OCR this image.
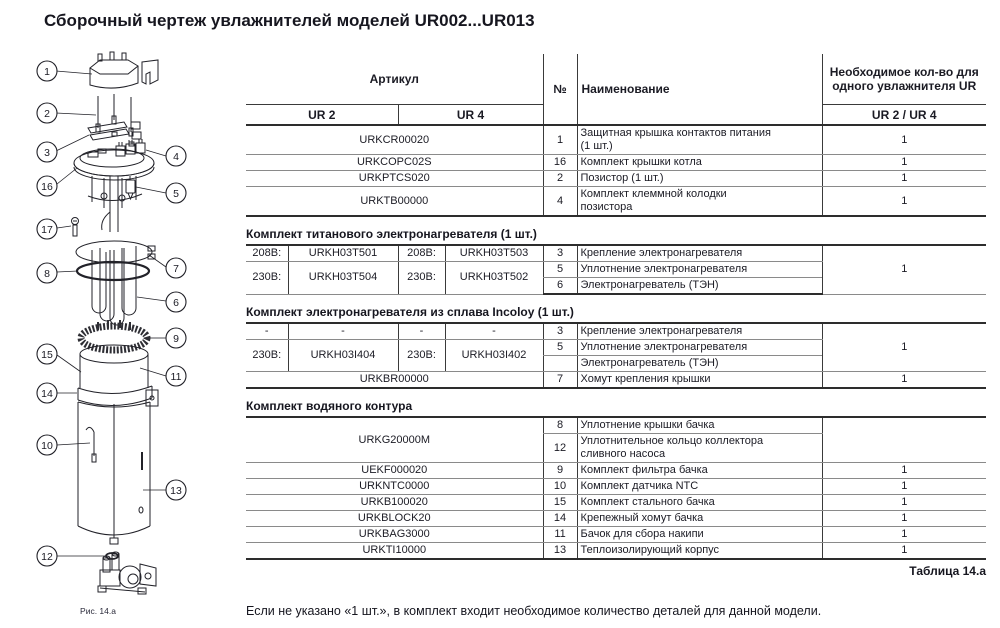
Сборочный чертеж увлажнителей моделей UR002...UR013
1
2
3	4
16
5
17
8	7
6
9
15
11
14
10
13
12
Рис. 14.а
Артикул		№	Наименование	Необходимое кол-во для одного увлажнителя UR
UR 2	UR 4			UR 2 / UR 4
URKCR00020		1	Защитная крышка контактов питания
(1 шт.)	1
URKCOPC02S		16	Комплект крышки котла	1
URKPTCS020		2	Позистор (1 шт.)	1
URKTB00000		4	Комплект клеммной колодки
позистора	1
Комплект титанового электронагревателя (1 шт.)
208В:	URKH03T501	208В:	URKH03T503	3	Крепление электронагревателя	1
230В:	URKH03T504	230В:	URKH03T502	5	Уплотнение электронагревателя	
				6	Электронагреватель (ТЭН)	
Комплект электронагревателя из сплава Incoloy (1 шт.)
-	-	-	-	3	Крепление электронагревателя	1
230В:	URKH03I404	230В:	URKH03I402	5	Уплотнение электронагревателя	
					Электронагреватель (ТЭН)	
URKBR00000				7	Хомут крепления крышки	1
Комплект водяного контура
URKG20000M	8	Уплотнение крышки бачка	
	12	Уплотнительное кольцо коллектора
сливного насоса	

UEKF000020	9	Комплект фильтра бачка	1
URKNTC0000	10	Комплект датчика NTC	1
URKB100020	15	Комплект стального бачка	1
URKBLOCK20	14	Крепежный хомут бачка	1
URKBAG3000	11	Бачок для сбора накипи	1
URKTI10000	13	Теплоизолирующий корпус	1
Таблица 14.а
Если не указано «1 шт.», в комплект входит необходимое количество деталей для данной модели.
